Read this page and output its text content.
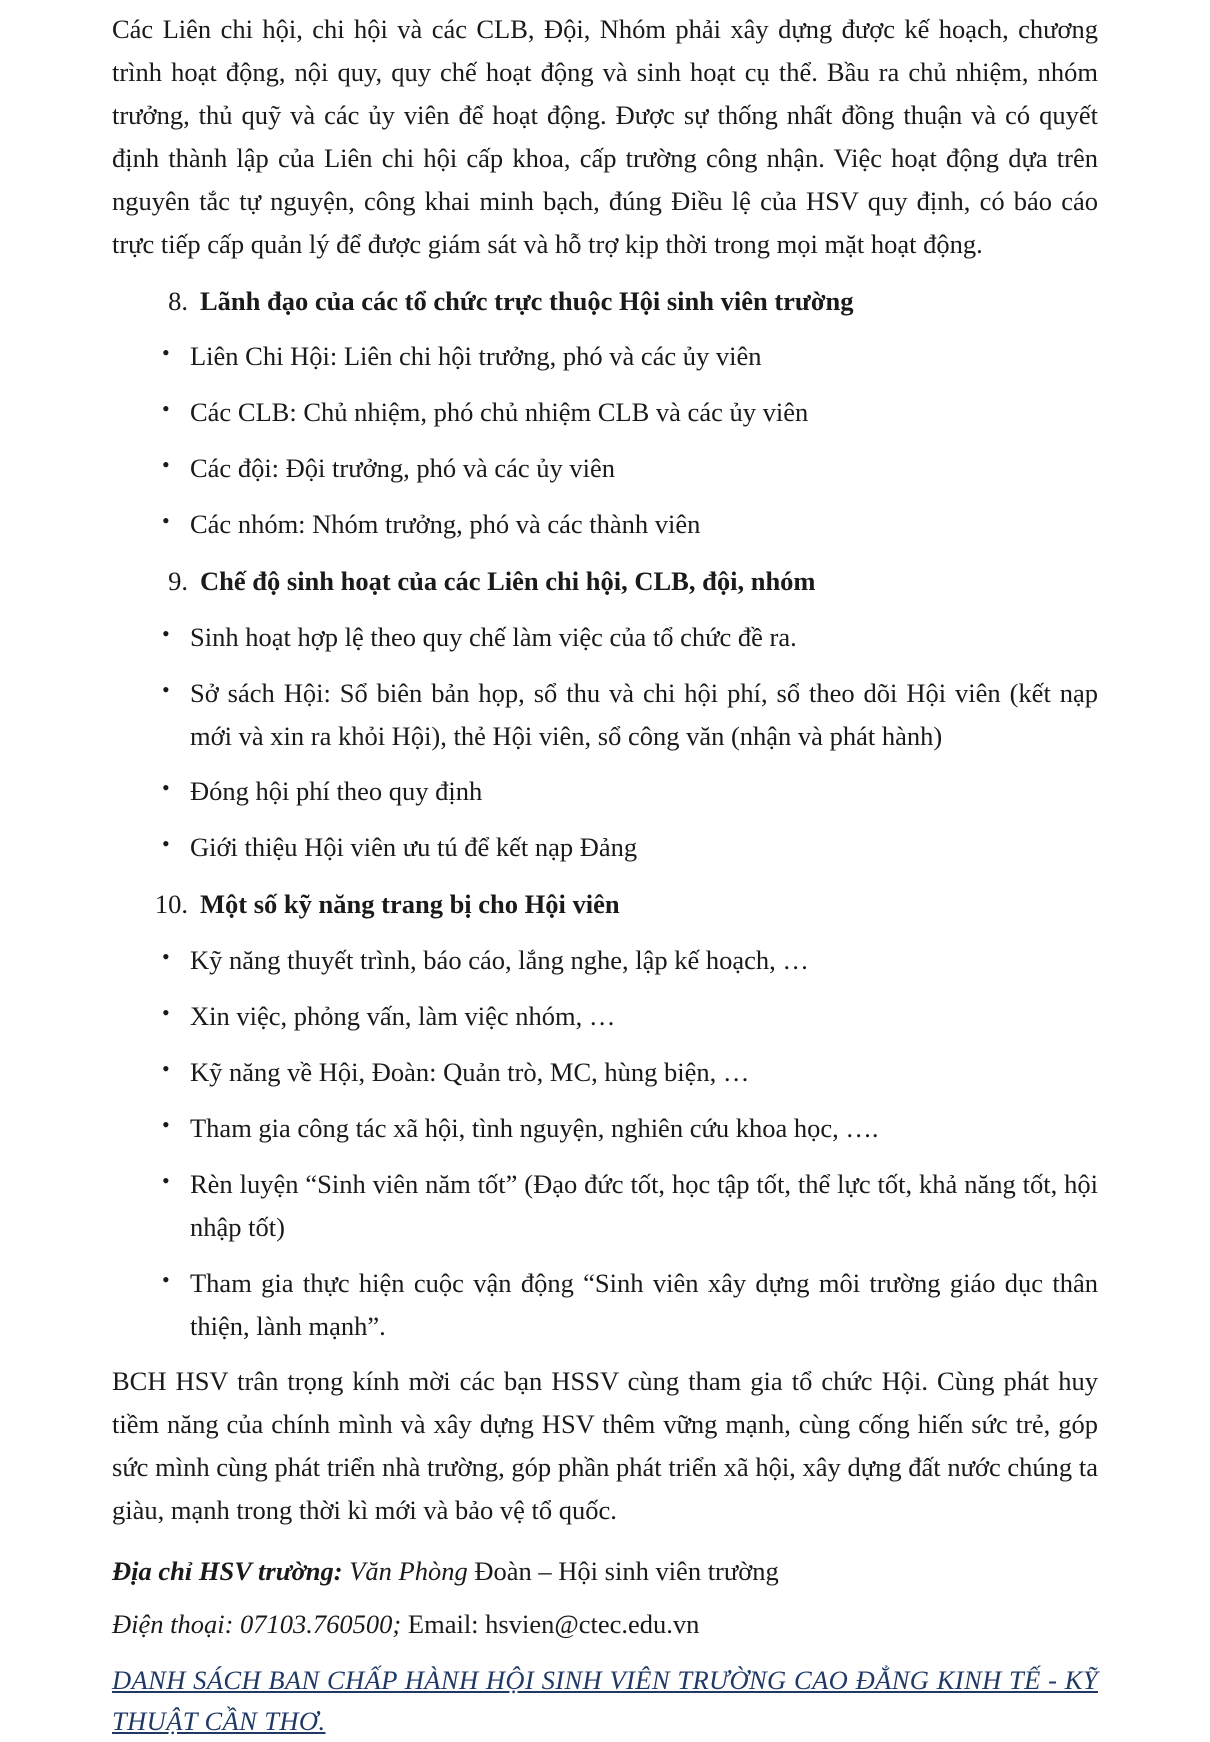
Các Liên chi hội, chi hội và các CLB, Đội, Nhóm phải xây dựng được kế hoạch, chương trình hoạt động, nội quy, quy chế hoạt động và sinh hoạt cụ thể. Bầu ra chủ nhiệm, nhóm trưởng, thủ quỹ và các ủy viên để hoạt động. Được sự thống nhất đồng thuận và có quyết định thành lập của Liên chi hội cấp khoa, cấp trường công nhận. Việc hoạt động dựa trên nguyên tắc tự nguyện, công khai minh bạch, đúng Điều lệ của HSV quy định, có báo cáo trực tiếp cấp quản lý để được giám sát và hỗ trợ kịp thời trong mọi mặt hoạt động.

8. Lãnh đạo của các tổ chức trực thuộc Hội sinh viên trường
• Liên Chi Hội: Liên chi hội trưởng, phó và các ủy viên
• Các CLB: Chủ nhiệm, phó chủ nhiệm CLB và các ủy viên
• Các đội: Đội trưởng, phó và các ủy viên
• Các nhóm: Nhóm trưởng, phó và các thành viên
9. Chế độ sinh hoạt của các Liên chi hội, CLB, đội, nhóm
• Sinh hoạt hợp lệ theo quy chế làm việc của tổ chức đề ra.
• Sở sách Hội: Sổ biên bản họp, sổ thu và chi hội phí, sổ theo dõi Hội viên (kết nạp mới và xin ra khỏi Hội), thẻ Hội viên, sổ công văn (nhận và phát hành)
• Đóng hội phí theo quy định
• Giới thiệu Hội viên ưu tú để kết nạp Đảng
10. Một số kỹ năng trang bị cho Hội viên
• Kỹ năng thuyết trình, báo cáo, lắng nghe, lập kế hoạch, …
• Xin việc, phỏng vấn, làm việc nhóm, …
• Kỹ năng về Hội, Đoàn: Quản trò, MC, hùng biện, …
• Tham gia công tác xã hội, tình nguyện, nghiên cứu khoa học, ….
• Rèn luyện “Sinh viên năm tốt” (Đạo đức tốt, học tập tốt, thể lực tốt, khả năng tốt, hội nhập tốt)
• Tham gia thực hiện cuộc vận động “Sinh viên xây dựng môi trường giáo dục thân thiện, lành mạnh”.

BCH HSV trân trọng kính mời các bạn HSSV cùng tham gia tổ chức Hội. Cùng phát huy tiềm năng của chính mình và xây dựng HSV thêm vững mạnh, cùng cống hiến sức trẻ, góp sức mình cùng phát triển nhà trường, góp phần phát triển xã hội, xây dựng đất nước chúng ta giàu, mạnh trong thời kì mới và bảo vệ tổ quốc.

Địa chỉ HSV trường: Văn Phòng Đoàn – Hội sinh viên trường
Điện thoại: 07103.760500; Email: hsvien@ctec.edu.vn
DANH SÁCH BAN CHẤP HÀNH HỘI SINH VIÊN TRƯỜNG CAO ĐẲNG KINH TẾ - KỸ THUẬT CẦN THƠ.
